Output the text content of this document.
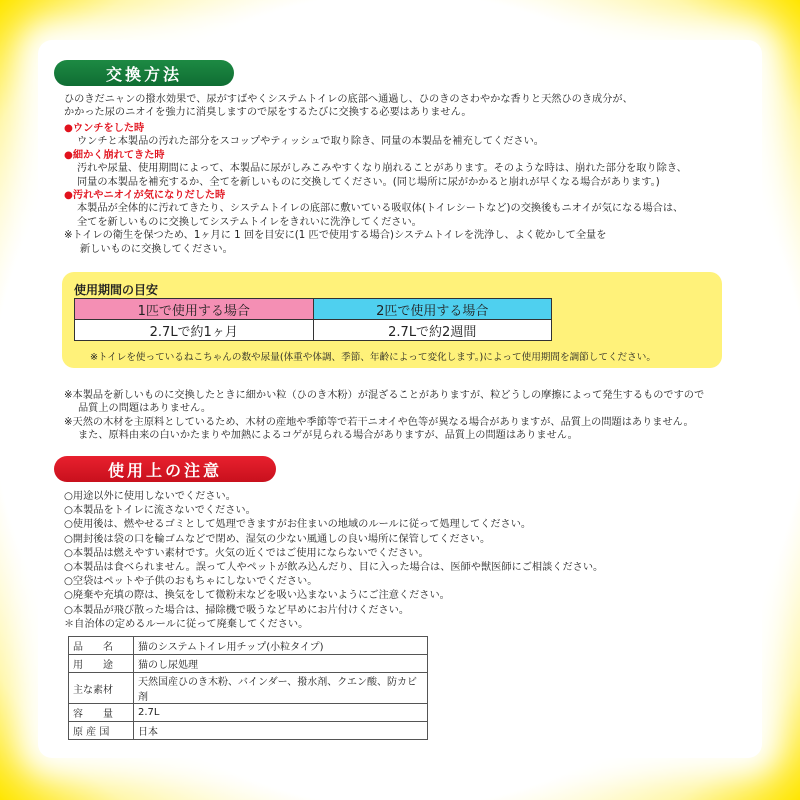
交換方法
ひのきだニャンの撥水効果で、尿がすばやくシステムトイレの底部へ通過し、ひのきのさわやかな香りと天然ひのき成分が、
かかった尿のニオイを強力に消臭しますので尿をするたびに交換する必要はありません。
●ウンチをした時
ウンチと本製品の汚れた部分をスコップやティッシュで取り除き、同量の本製品を補充してください。
●細かく崩れてきた時
汚れや尿量、使用期間によって、本製品に尿がしみこみやすくなり崩れることがあります。そのような時は、崩れた部分を取り除き、
同量の本製品を補充するか、全てを新しいものに交換してください。(同じ場所に尿がかかると崩れが早くなる場合があります。)
●汚れやニオイが気になりだした時
本製品が全体的に汚れてきたり、システムトイレの底部に敷いている吸収体(トイレシートなど)の交換後もニオイが気になる場合は、
全てを新しいものに交換してシステムトイレをきれいに洗浄してください。
※トイレの衛生を保つため、1ヶ月に 1 回を目安に(1 匹で使用する場合)システムトイレを洗浄し、よく乾かして全量を
新しいものに交換してください。
使用期間の目安
1匹で使用する場合	2匹で使用する場合
2.7Lで約1ヶ月	2.7Lで約2週間
※トイレを使っているねこちゃんの数や尿量(体重や体調、季節、年齢によって変化します。)によって使用期間を調節してください。
※本製品を新しいものに交換したときに細かい粒（ひのき木粉）が混ざることがありますが、粒どうしの摩擦によって発生するものですので
品質上の問題はありません。
※天然の木材を主原料としているため、木材の産地や季節等で若干ニオイや色等が異なる場合がありますが、品質上の問題はありません。
また、原料由来の白いかたまりや加熱によるコゲが見られる場合がありますが、品質上の問題はありません。
使用上の注意
○用途以外に使用しないでください。
○本製品をトイレに流さないでください。
○使用後は、燃やせるゴミとして処理できますがお住まいの地域のルールに従って処理してください。
○開封後は袋の口を輪ゴムなどで閉め、湿気の少ない風通しの良い場所に保管してください。
○本製品は燃えやすい素材です。火気の近くではご使用にならないでください。
○本製品は食べられません。誤って人やペットが飲み込んだり、目に入った場合は、医師や獣医師にご相談ください。
○空袋はペットや子供のおもちゃにしないでください。
○廃棄や充填の際は、換気をして微粉末などを吸い込まないようにご注意ください。
○本製品が飛び散った場合は、掃除機で吸うなど早めにお片付けください。
＊自治体の定めるルールに従って廃棄してください。
品　　名	猫のシステムトイレ用チップ(小粒タイプ)
用　　途	猫のし尿処理
主な素材	天然国産ひのき木粉、バインダー、撥水剤、クエン酸、防カビ剤
容　　量	2.7L
原 産 国	日本
